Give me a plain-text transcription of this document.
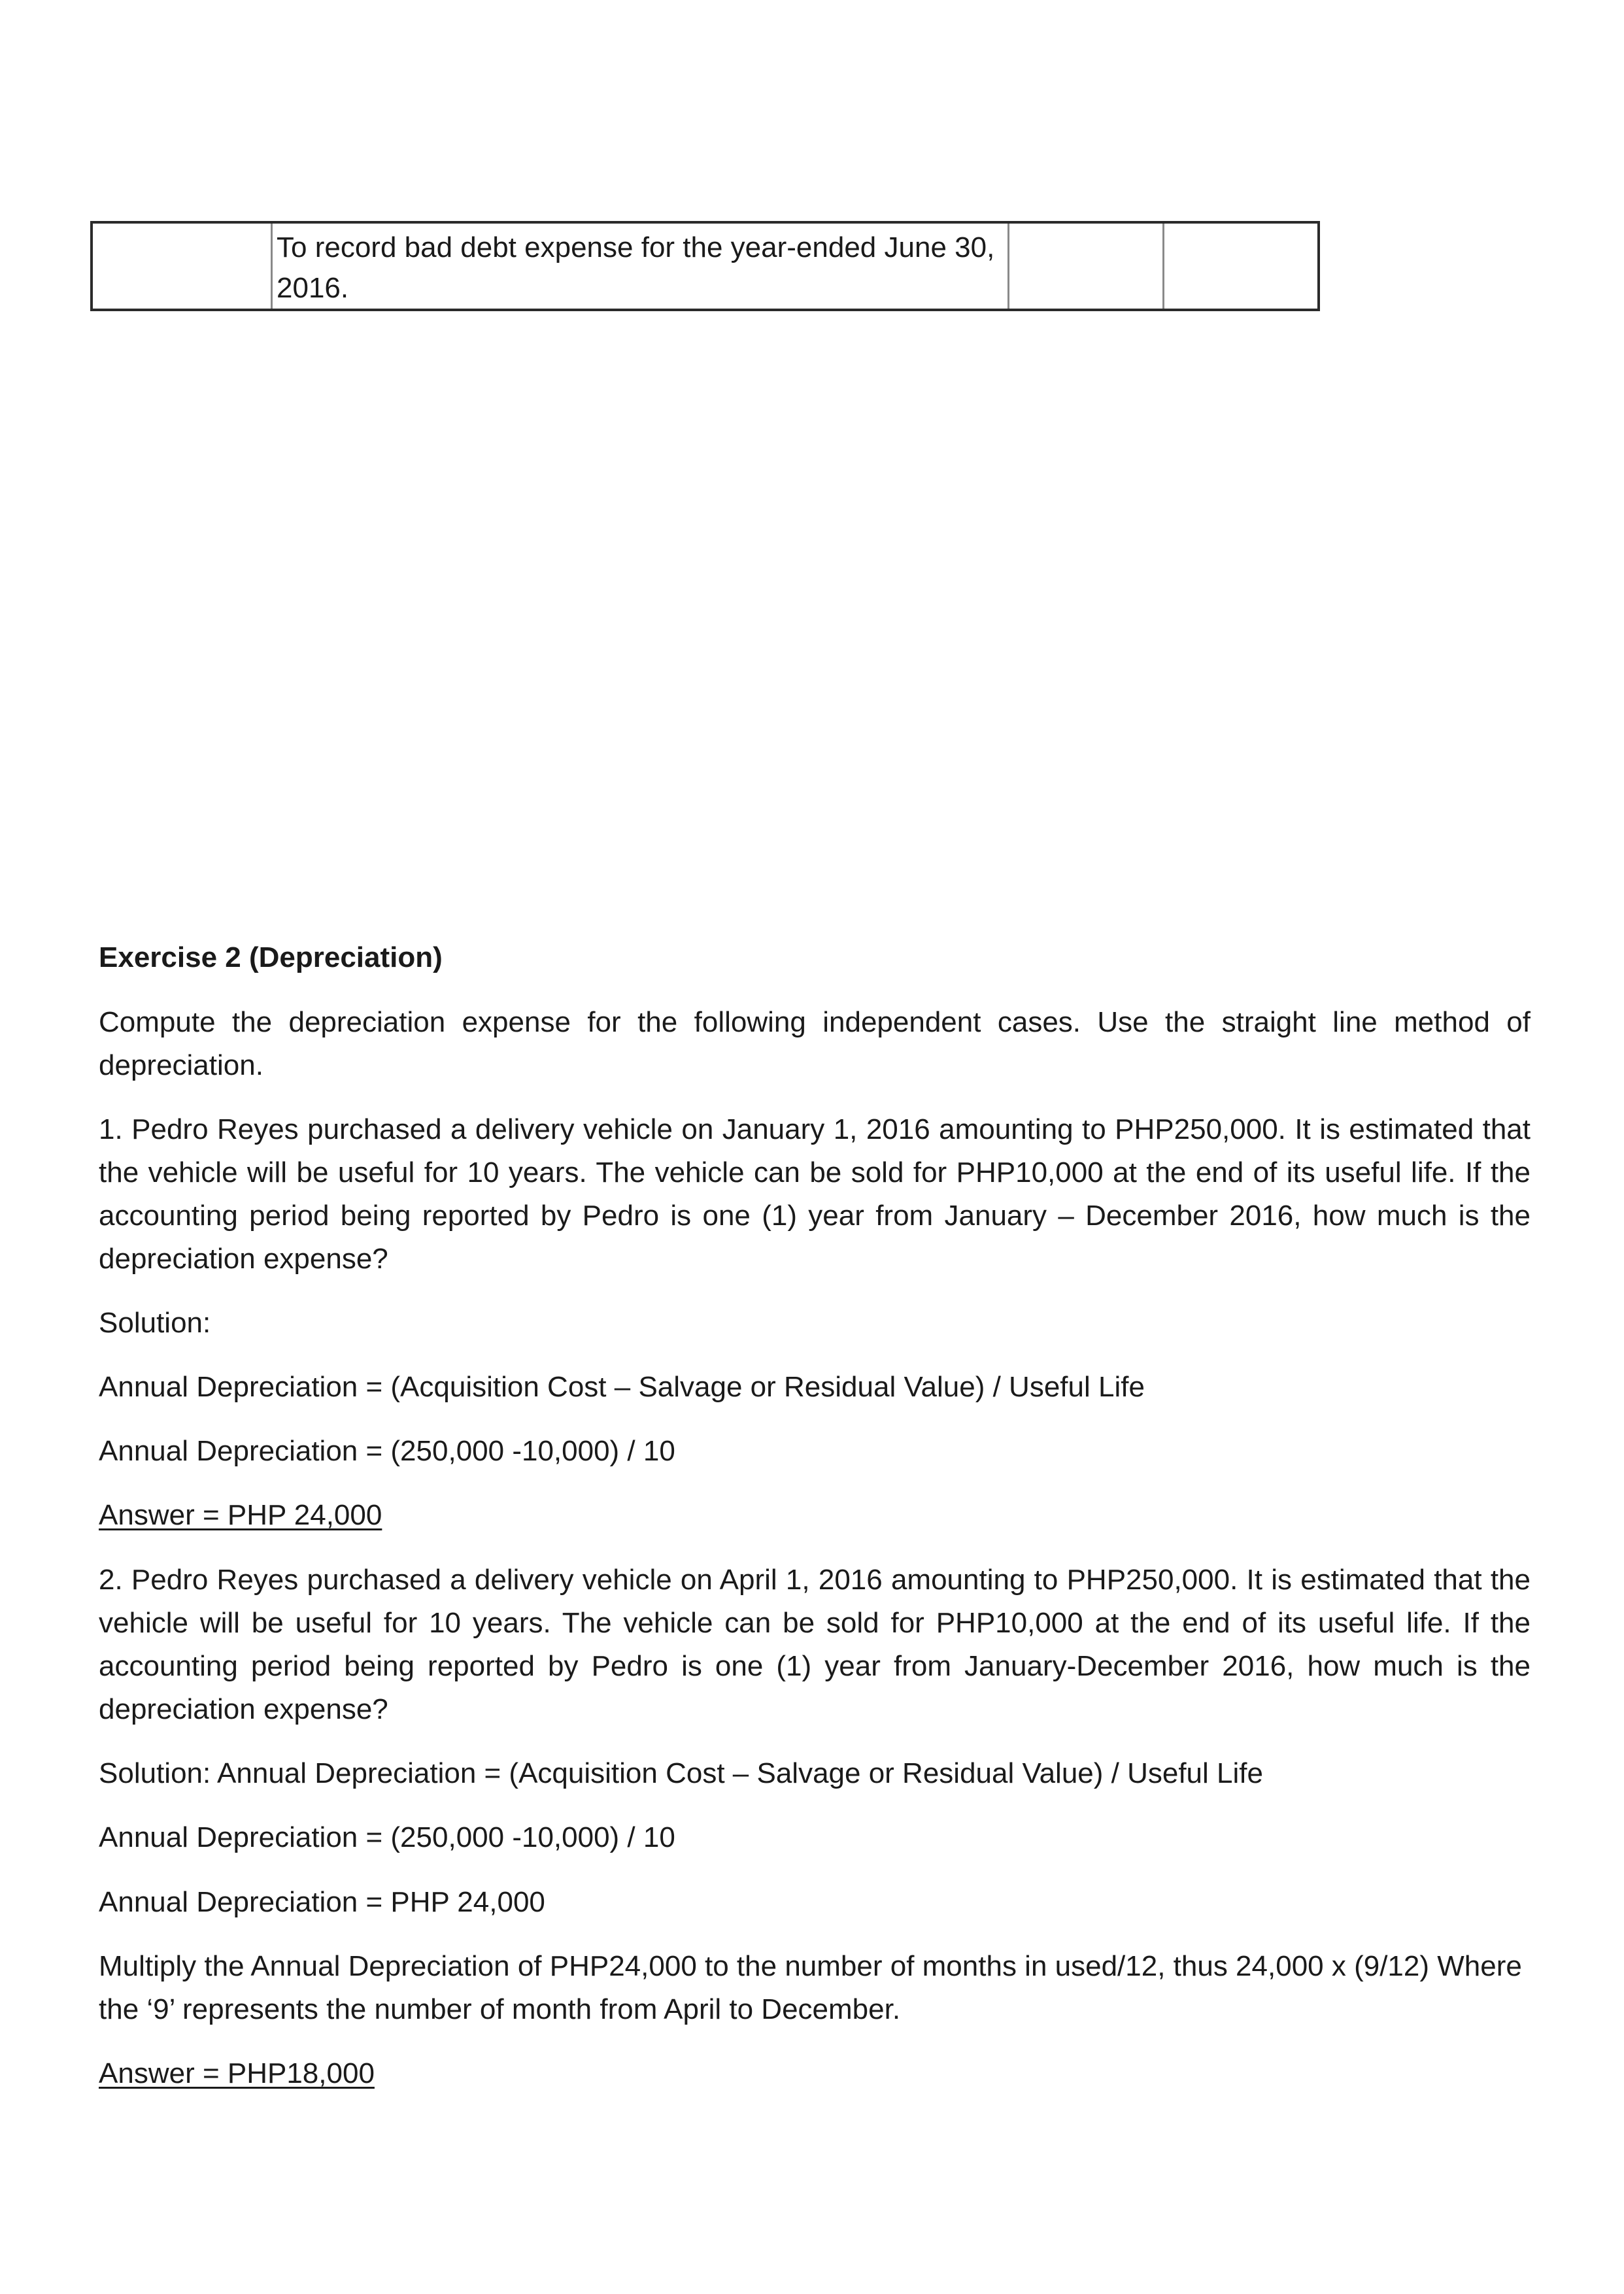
	To record bad debt expense for the year-ended June 30, 2016.		

Exercise 2 (Depreciation)

Compute the depreciation expense for the following independent cases. Use the straight line method of depreciation.

1. Pedro Reyes purchased a delivery vehicle on January 1, 2016 amounting to PHP250,000. It is estimated that the vehicle will be useful for 10 years. The vehicle can be sold for PHP10,000 at the end of its useful life. If the accounting period being reported by Pedro is one (1) year from January – December 2016, how much is the depreciation expense?

Solution:

Annual Depreciation = (Acquisition Cost – Salvage or Residual Value) / Useful Life

Annual Depreciation = (250,000 -10,000) / 10

Answer = PHP 24,000

2. Pedro Reyes purchased a delivery vehicle on April 1, 2016 amounting to PHP250,000. It is estimated that the vehicle will be useful for 10 years. The vehicle can be sold for PHP10,000 at the end of its useful life. If the accounting period being reported by Pedro is one (1) year from January-December 2016, how much is the depreciation expense?

Solution: Annual Depreciation = (Acquisition Cost – Salvage or Residual Value) / Useful Life

Annual Depreciation = (250,000 -10,000) / 10

Annual Depreciation = PHP 24,000

Multiply the Annual Depreciation of PHP24,000 to the number of months in used/12, thus 24,000 x (9/12) Where the ‘9’ represents the number of month from April to December.

Answer = PHP18,000
